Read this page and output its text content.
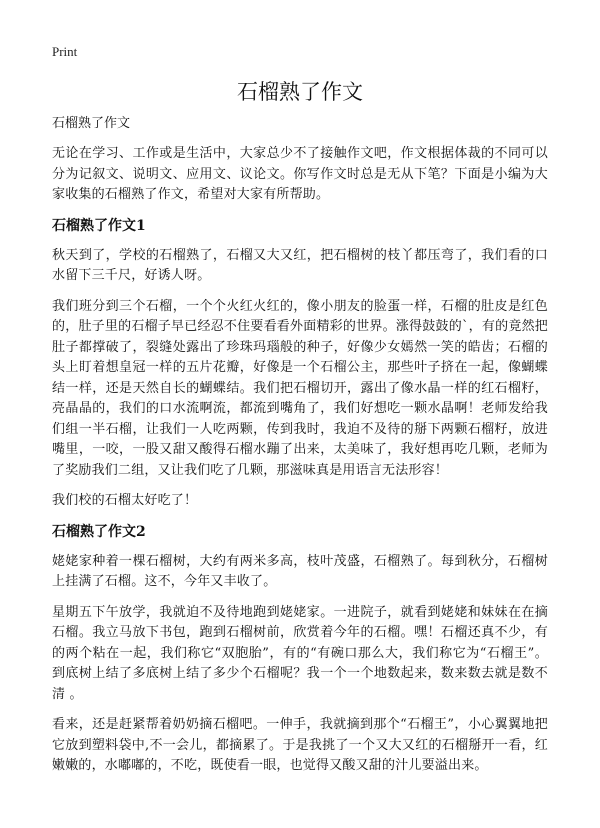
Print
石榴熟了作文
石榴熟了作文

无论在学习、工作或是生活中，大家总少不了接触作文吧，作文根据体裁的不同可以分为记叙文、说明文、应用文、议论文。你写作文时总是无从下笔？下面是小编为大家收集的石榴熟了作文，希望对大家有所帮助。

石榴熟了作文1

秋天到了，学校的石榴熟了，石榴又大又红，把石榴树的枝丫都压弯了，我们看的口水留下三千尺，好诱人呀。

我们班分到三个石榴，一个个火红火红的，像小朋友的脸蛋一样，石榴的肚皮是红色的，肚子里的石榴子早已经忍不住要看看外面精彩的世界。涨得鼓鼓的`，有的竟然把肚子都撑破了，裂缝处露出了珍珠玛瑙般的种子，好像少女嫣然一笑的皓齿；石榴的头上盯着想皇冠一样的五片花瓣，好像是一个石榴公主，那些叶子挤在一起，像蝴蝶结一样，还是天然自长的蝴蝶结。我们把石榴切开，露出了像水晶一样的红石榴籽，亮晶晶的，我们的口水流啊流，都流到嘴角了，我们好想吃一颗水晶啊！老师发给我们组一半石榴，让我们一人吃两颗，传到我时，我迫不及待的掰下两颗石榴籽，放进嘴里，一咬，一股又甜又酸得石榴水蹦了出来，太美味了，我好想再吃几颗，老师为了奖励我们二组，又让我们吃了几颗，那滋味真是用语言无法形容！

我们校的石榴太好吃了！

石榴熟了作文2

姥姥家种着一棵石榴树，大约有两米多高，枝叶茂盛，石榴熟了。每到秋分，石榴树上挂满了石榴。这不，今年又丰收了。

星期五下午放学，我就迫不及待地跑到姥姥家。一进院子，就看到姥姥和妹妹在在摘石榴。我立马放下书包，跑到石榴树前，欣赏着今年的石榴。嘿！石榴还真不少，有的两个粘在一起，我们称它“双胞胎”，有的“有碗口那么大，我们称它为“石榴王”。到底树上结了多底树上结了多少个石榴呢？我一个一个地数起来，数来数去就是数不清 。

看来，还是赶紧帮着奶奶摘石榴吧。一伸手，我就摘到那个“石榴王”，小心翼翼地把它放到塑料袋中,不一会儿，都摘累了。于是我挑了一个又大又红的石榴掰开一看，红嫩嫩的，水嘟嘟的，不吃，既使看一眼，也觉得又酸又甜的汁儿要溢出来。
